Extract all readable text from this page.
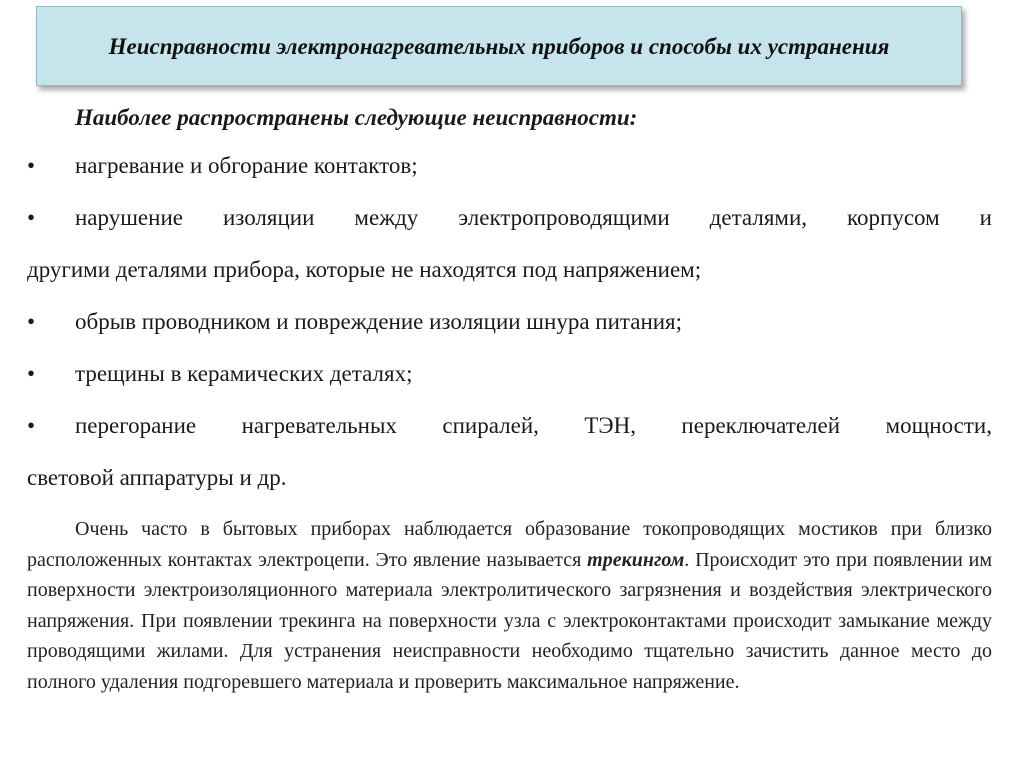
Неисправности электронагревательных приборов и способы их устранения
Наиболее распространены следующие неисправности:
•	нагревание и обгорание контактов;
•	нарушение изоляции между электропроводящими деталями, корпусом и
другими деталями прибора, которые не находятся под напряжением;
•	обрыв проводником и повреждение изоляции шнура питания;
•	трещины в керамических деталях;
•	перегорание нагревательных спиралей, ТЭН, переключателей мощности,
световой аппаратуры и др.
Очень часто в бытовых приборах наблюдается образование токопроводящих мостиков при близко расположенных контактах электроцепи. Это явление называется трекингом. Происходит это при появлении им поверхности электроизоляционного материала электролитического загрязнения и воздействия электрического напряжения. При появлении трекинга на поверхности узла с электроконтактами происходит замыкание между проводящими жилами. Для устранения неисправности необходимо тщательно зачистить данное место до полного удаления подгоревшего материала и проверить максимальное напряжение.
